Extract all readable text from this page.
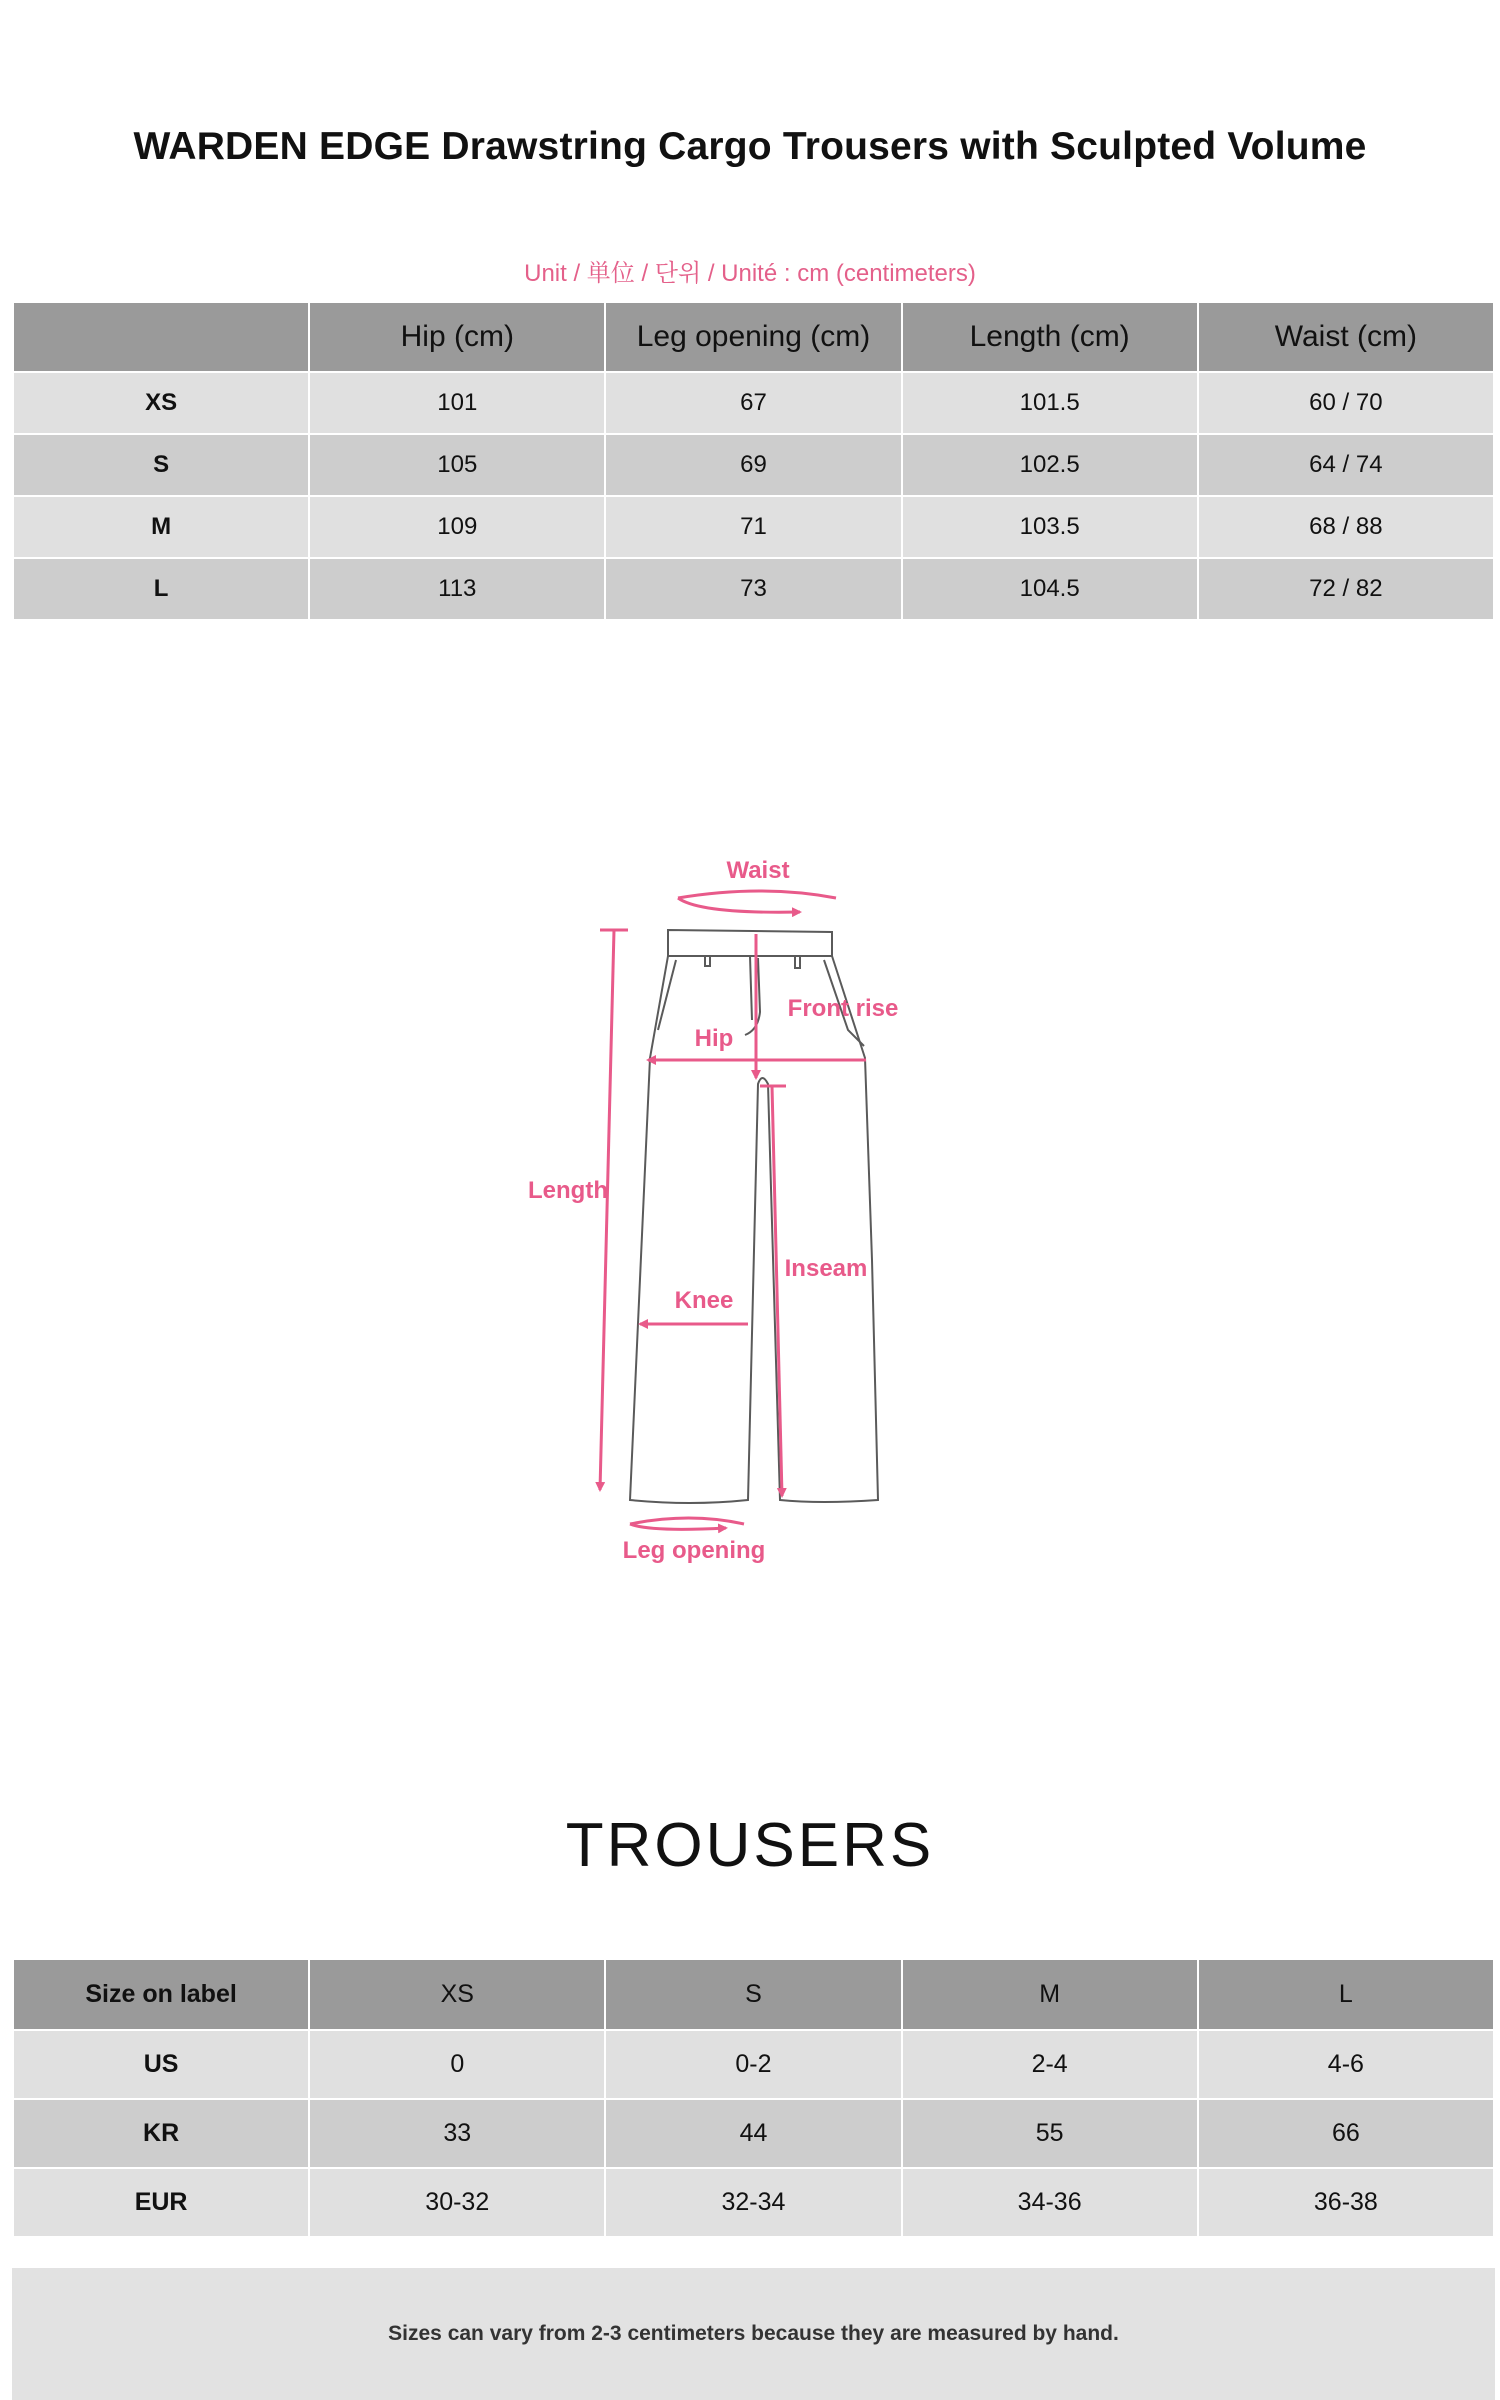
WARDEN EDGE Drawstring Cargo Trousers with Sculpted Volume
Unit / 単位 / 단위 / Unité : cm (centimeters)
	Hip (cm)	Leg opening (cm)	Length (cm)	Waist (cm)
XS	101	67	101.5	60 / 70
S	105	69	102.5	64 / 74
M	109	71	103.5	68 / 88
L	113	73	104.5	72 / 82
Waist
Length
Hip
Front rise
Inseam
Knee
Leg opening
TROUSERS
Size on label	XS	S	M	L
US	0	0-2	2-4	4-6
KR	33	44	55	66
EUR	30-32	32-34	34-36	36-38
Sizes can vary from 2-3 centimeters because they are measured by hand.
